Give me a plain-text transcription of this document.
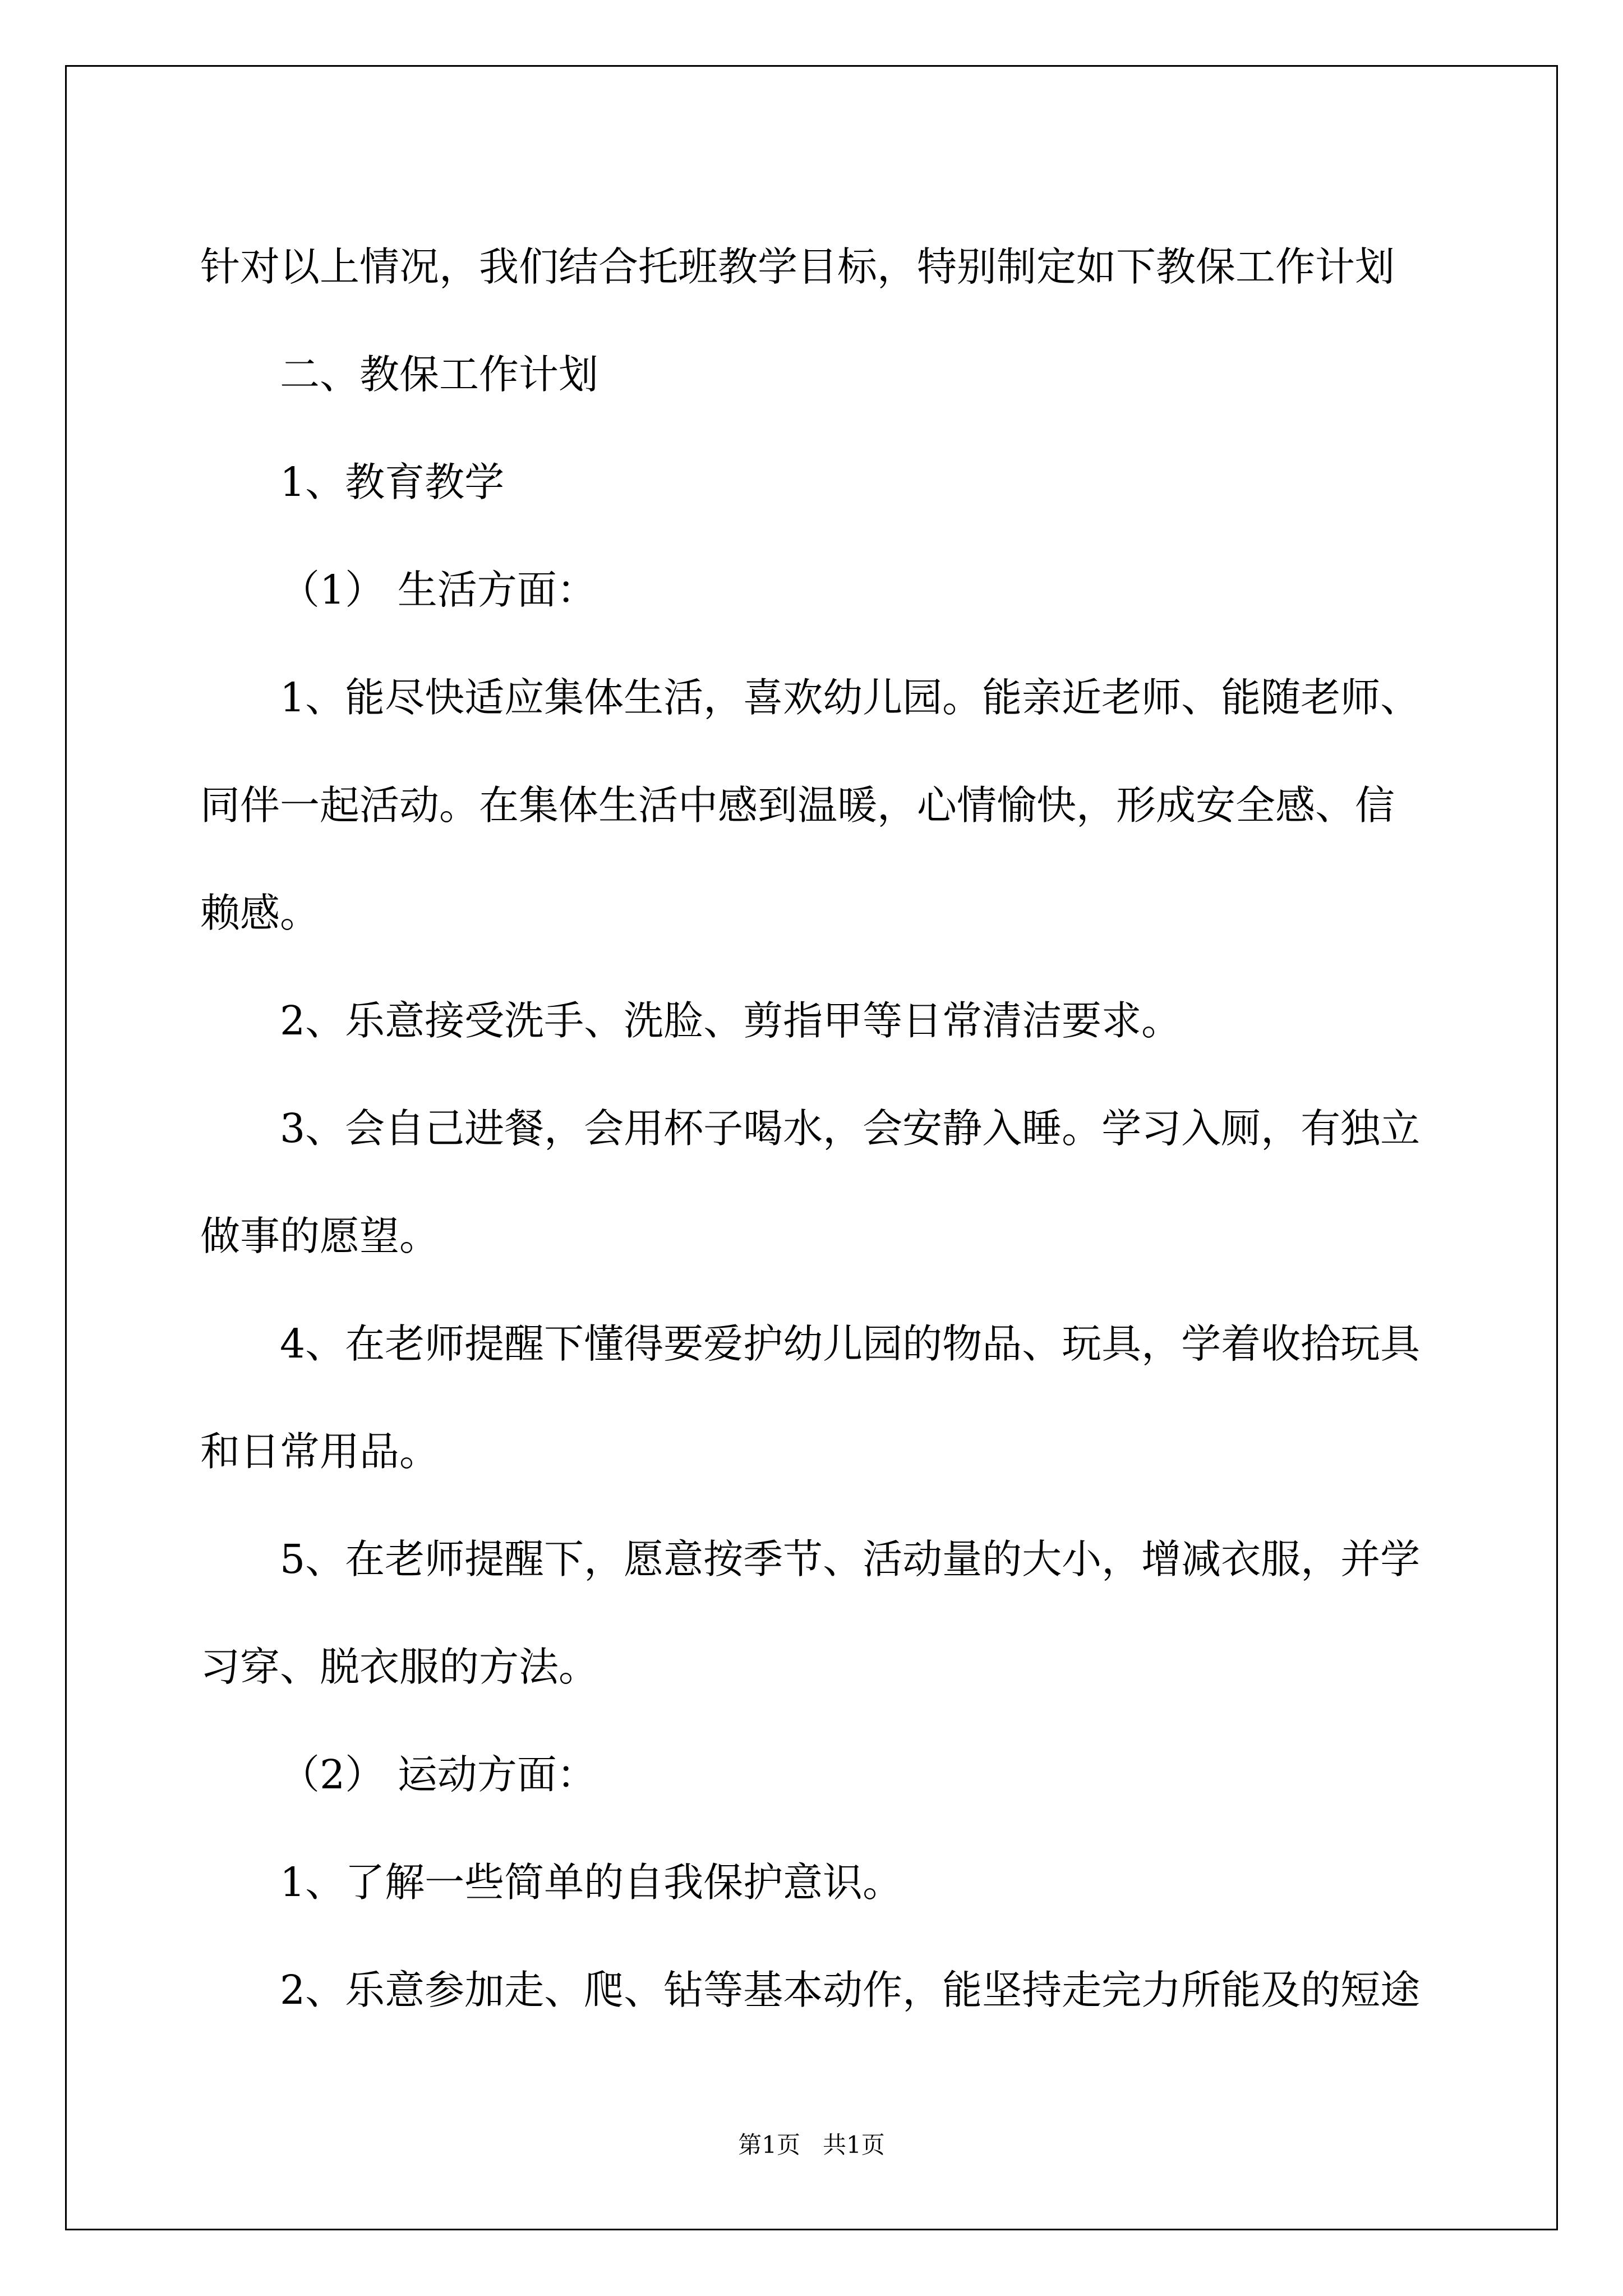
针对以上情况，我们结合托班教学目标，特别制定如下教保工作计划

二、教保工作计划

1、教育教学

（1） 生活方面：

1、能尽快适应集体生活，喜欢幼儿园。能亲近老师、能随老师、

同伴一起活动。在集体生活中感到温暖，心情愉快，形成安全感、信

赖感。

2、乐意接受洗手、洗脸、剪指甲等日常清洁要求。

3、会自己进餐，会用杯子喝水，会安静入睡。学习入厕，有独立

做事的愿望。

4、在老师提醒下懂得要爱护幼儿园的物品、玩具，学着收拾玩具

和日常用品。

5、在老师提醒下，愿意按季节、活动量的大小，增减衣服，并学

习穿、脱衣服的方法。

（2） 运动方面：

1、了解一些简单的自我保护意识。

2、乐意参加走、爬、钻等基本动作，能坚持走完力所能及的短途

第1页 共1页
